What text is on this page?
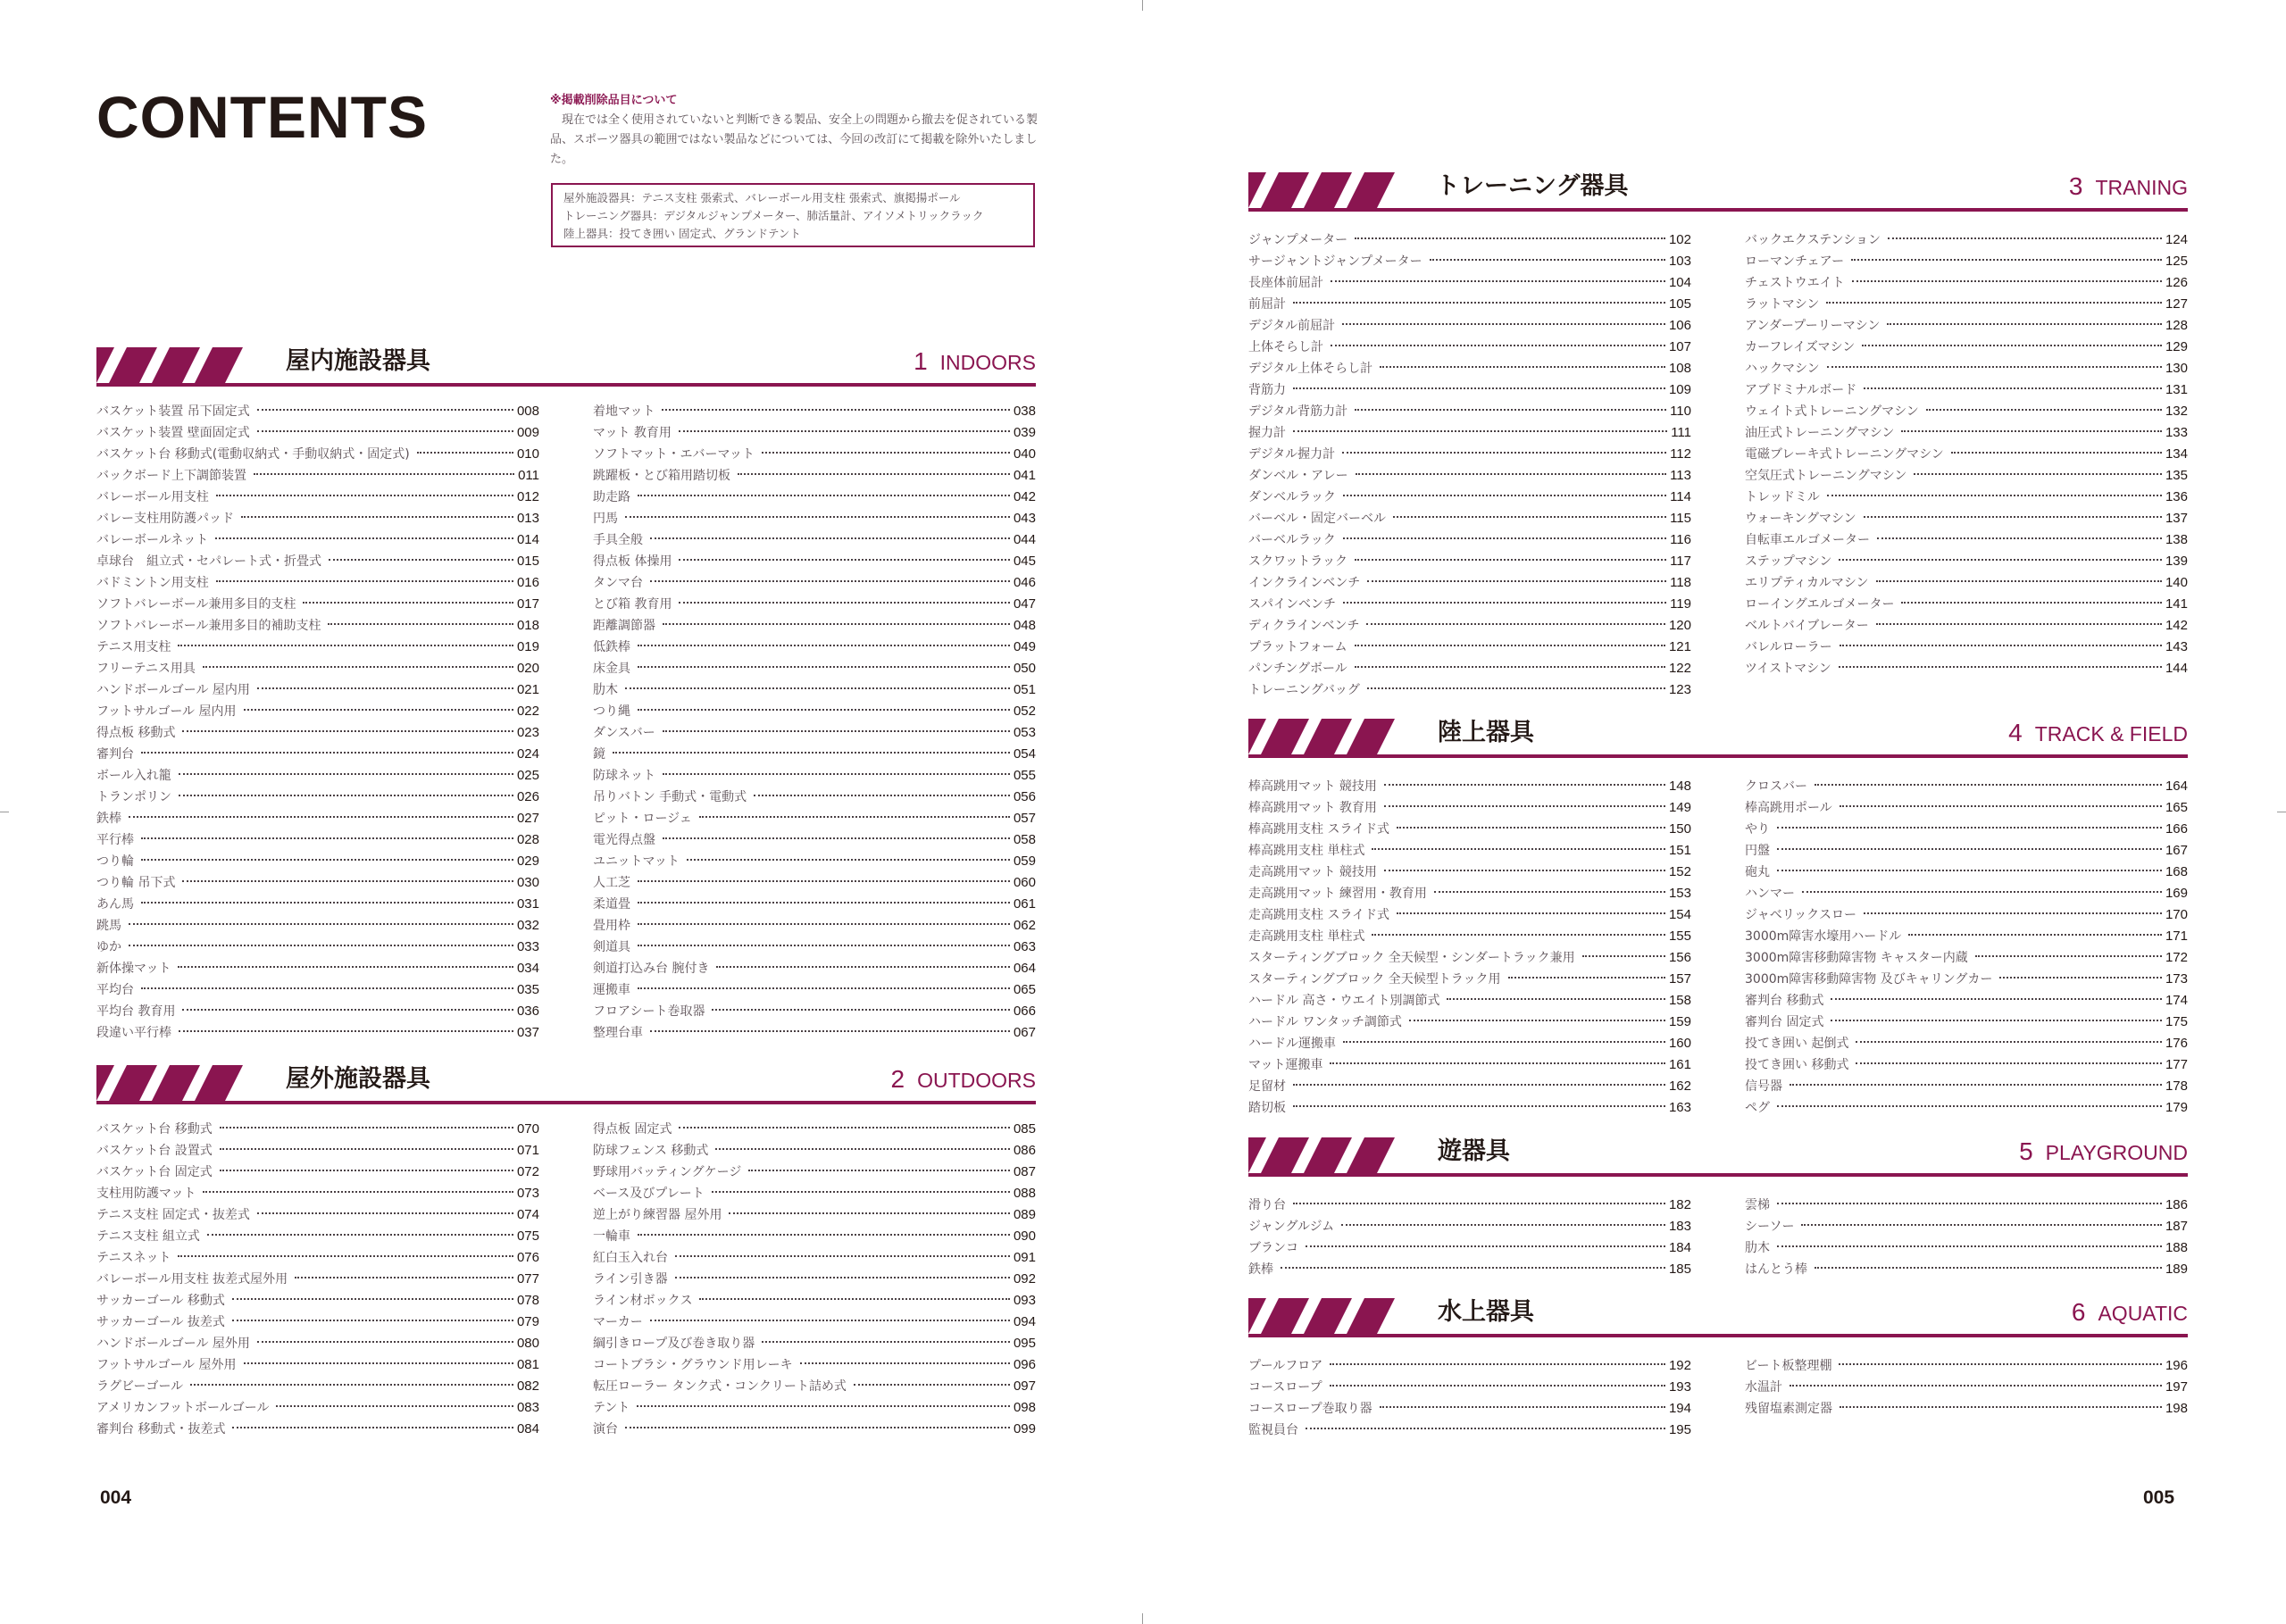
CONTENTS	※掲載削除品目について

現在では全く使用されていないと判断できる製品、安全上の問題から撤去を促されている製品、スポーツ器具の範囲ではない製品などについては、今回の改訂にて掲載を除外いたしました。

屋外施設器具：テニス支柱 張索式、バレーボール用支柱 張索式、旗掲揚ポール
トレーニング器具：デジタルジャンプメーター、肺活量計、アイソメトリックラック
陸上器具：投てき囲い 固定式、グランドテント
屋内施設器具	1 INDOORS
バスケット装置 吊下固定式	008
バスケット装置 壁面固定式	009
バスケット台 移動式(電動収納式・手動収納式・固定式)	010
バックボード上下調節装置	011
バレーボール用支柱	012
バレー支柱用防護パッド	013
バレーボールネット	014
卓球台　組立式・セパレート式・折畳式	015
バドミントン用支柱	016
ソフトバレーボール兼用多目的支柱	017
ソフトバレーボール兼用多目的補助支柱	018
テニス用支柱	019
フリーテニス用具	020
ハンドボールゴール 屋内用	021
フットサルゴール 屋内用	022
得点板 移動式	023
審判台	024
ボール入れ籠	025
トランポリン	026
鉄棒	027
平行棒	028
つり輪	029
つり輪 吊下式	030
あん馬	031
跳馬	032
ゆか	033
新体操マット	034
平均台	035
平均台 教育用	036
段違い平行棒	037
着地マット	038
マット 教育用	039
ソフトマット・エバーマット	040
跳躍板・とび箱用踏切板	041
助走路	042
円馬	043
手具全般	044
得点板 体操用	045
タンマ台	046
とび箱 教育用	047
距離調節器	048
低鉄棒	049
床金具	050
肋木	051
つり縄	052
ダンスバー	053
鏡	054
防球ネット	055
吊りバトン 手動式・電動式	056
ピット・ロージェ	057
電光得点盤	058
ユニットマット	059
人工芝	060
柔道畳	061
畳用枠	062
剣道具	063
剣道打込み台 腕付き	064
運搬車	065
フロアシート巻取器	066
整理台車	067
屋外施設器具	2 OUTDOORS
バスケット台 移動式	070
バスケット台 設置式	071
バスケット台 固定式	072
支柱用防護マット	073
テニス支柱 固定式・抜差式	074
テニス支柱 組立式	075
テニスネット	076
バレーボール用支柱 抜差式屋外用	077
サッカーゴール 移動式	078
サッカーゴール 抜差式	079
ハンドボールゴール 屋外用	080
フットサルゴール 屋外用	081
ラグビーゴール	082
アメリカンフットボールゴール	083
審判台 移動式・抜差式	084
得点板 固定式	085
防球フェンス 移動式	086
野球用バッティングケージ	087
ベース及びプレート	088
逆上がり練習器 屋外用	089
一輪車	090
紅白玉入れ台	091
ライン引き器	092
ライン材ボックス	093
マーカー	094
綱引きロープ及び巻き取り器	095
コートブラシ・グラウンド用レーキ	096
転圧ローラー タンク式・コンクリート詰め式	097
テント	098
演台	099
トレーニング器具	3 TRANING
ジャンプメーター	102
サージャントジャンプメーター	103
長座体前屈計	104
前屈計	105
デジタル前屈計	106
上体そらし計	107
デジタル上体そらし計	108
背筋力	109
デジタル背筋力計	110
握力計	111
デジタル握力計	112
ダンベル・アレー	113
ダンベルラック	114
バーベル・固定バーベル	115
バーベルラック	116
スクワットラック	117
インクラインベンチ	118
スパインベンチ	119
ディクラインベンチ	120
プラットフォーム	121
パンチングボール	122
トレーニングバッグ	123
バックエクステンション	124
ローマンチェアー	125
チェストウエイト	126
ラットマシン	127
アンダープーリーマシン	128
カーフレイズマシン	129
ハックマシン	130
アブドミナルボード	131
ウェイト式トレーニングマシン	132
油圧式トレーニングマシン	133
電磁ブレーキ式トレーニングマシン	134
空気圧式トレーニングマシン	135
トレッドミル	136
ウォーキングマシン	137
自転車エルゴメーター	138
ステップマシン	139
エリプティカルマシン	140
ローイングエルゴメーター	141
ベルトバイブレーター	142
バレルローラー	143
ツイストマシン	144
陸上器具	4 TRACK & FIELD
棒高跳用マット 競技用	148
棒高跳用マット 教育用	149
棒高跳用支柱 スライド式	150
棒高跳用支柱 単柱式	151
走高跳用マット 競技用	152
走高跳用マット 練習用・教育用	153
走高跳用支柱 スライド式	154
走高跳用支柱 単柱式	155
スターティングブロック 全天候型・シンダートラック兼用	156
スターティングブロック 全天候型トラック用	157
ハードル 高さ・ウエイト別調節式	158
ハードル ワンタッチ調節式	159
ハードル運搬車	160
マット運搬車	161
足留材	162
踏切板	163
クロスバー	164
棒高跳用ポール	165
やり	166
円盤	167
砲丸	168
ハンマー	169
ジャベリックスロー	170
3000m障害水壕用ハードル	171
3000m障害移動障害物 キャスター内蔵	172
3000m障害移動障害物 及びキャリングカー	173
審判台 移動式	174
審判台 固定式	175
投てき囲い 起倒式	176
投てき囲い 移動式	177
信号器	178
ペグ	179
遊器具	5 PLAYGROUND
滑り台	182
ジャングルジム	183
ブランコ	184
鉄棒	185
雲梯	186
シーソー	187
肋木	188
はんとう棒	189
水上器具	6 AQUATIC
プールフロア	192
コースロープ	193
コースロープ巻取り器	194
監視員台	195
ビート板整理棚	196
水温計	197
残留塩素測定器	198
004	005
